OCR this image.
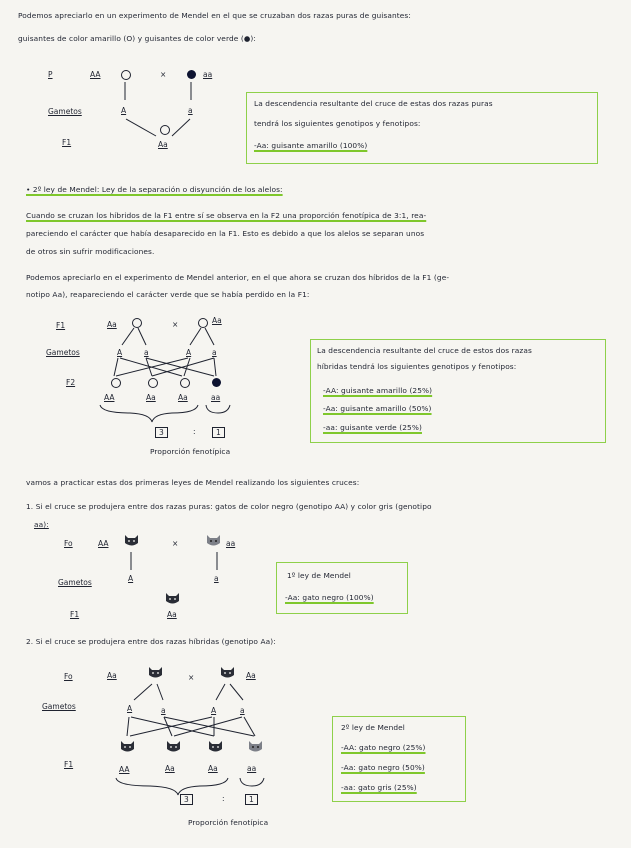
Podemos apreciarlo en un experimento de Mendel en el que se cruzaban dos razas puras de guisantes:
guisantes de color amarillo (O) y guisantes de color verde (●):
P	AA	×	aa
Gametos	A	a
F1	Aa
La descendencia resultante del cruce de estas dos razas puras
tendrá los siguientes genotipos y fenotipos:
-Aa: guisante amarillo (100%)
• 2º ley de Mendel: Ley de la separación o disyunción de los alelos:
Cuando se cruzan los híbridos de la F1 entre sí se observa en la F2 una proporción fenotípica de 3:1, rea-
pareciendo el carácter que había desaparecido en la F1. Esto es debido a que los alelos se separan unos
de otros sin sufrir modificaciones.
Podemos apreciarlo en el experimento de Mendel anterior, en el que ahora se cruzan dos híbridos de la F1 (ge-
notipo Aa), reapareciendo el carácter verde que se había perdido en la F1:
F1	Aa	×	Aa
Gametos	A	a	A	a
F2
AA	Aa	Aa	aa
3	:	1
Proporción fenotípica
La descendencia resultante del cruce de estos dos razas
híbridas tendrá los siguientes genotipos y fenotipos:
-AA: guisante amarillo (25%)
-Aa: guisante amarillo (50%)
-aa: guisante verde (25%)
vamos a practicar estas dos primeras leyes de Mendel realizando los siguientes cruces:
1. Si el cruce se produjera entre dos razas puras: gatos de color negro (genotipo AA) y color gris (genotipo
aa):
Fo	AA	×	aa
Gametos	A	a
F1	Aa
1º ley de Mendel
-Aa: gato negro (100%)
2. Si el cruce se produjera entre dos razas híbridas (genotipo Aa):
Fo	Aa	×	Aa
Gametos	A	a	A	a
F1
AA	Aa	Aa	aa
3	:	1
Proporción fenotípica
2º ley de Mendel
-AA: gato negro (25%)
-Aa: gato negro (50%)
-aa: gato gris (25%)
